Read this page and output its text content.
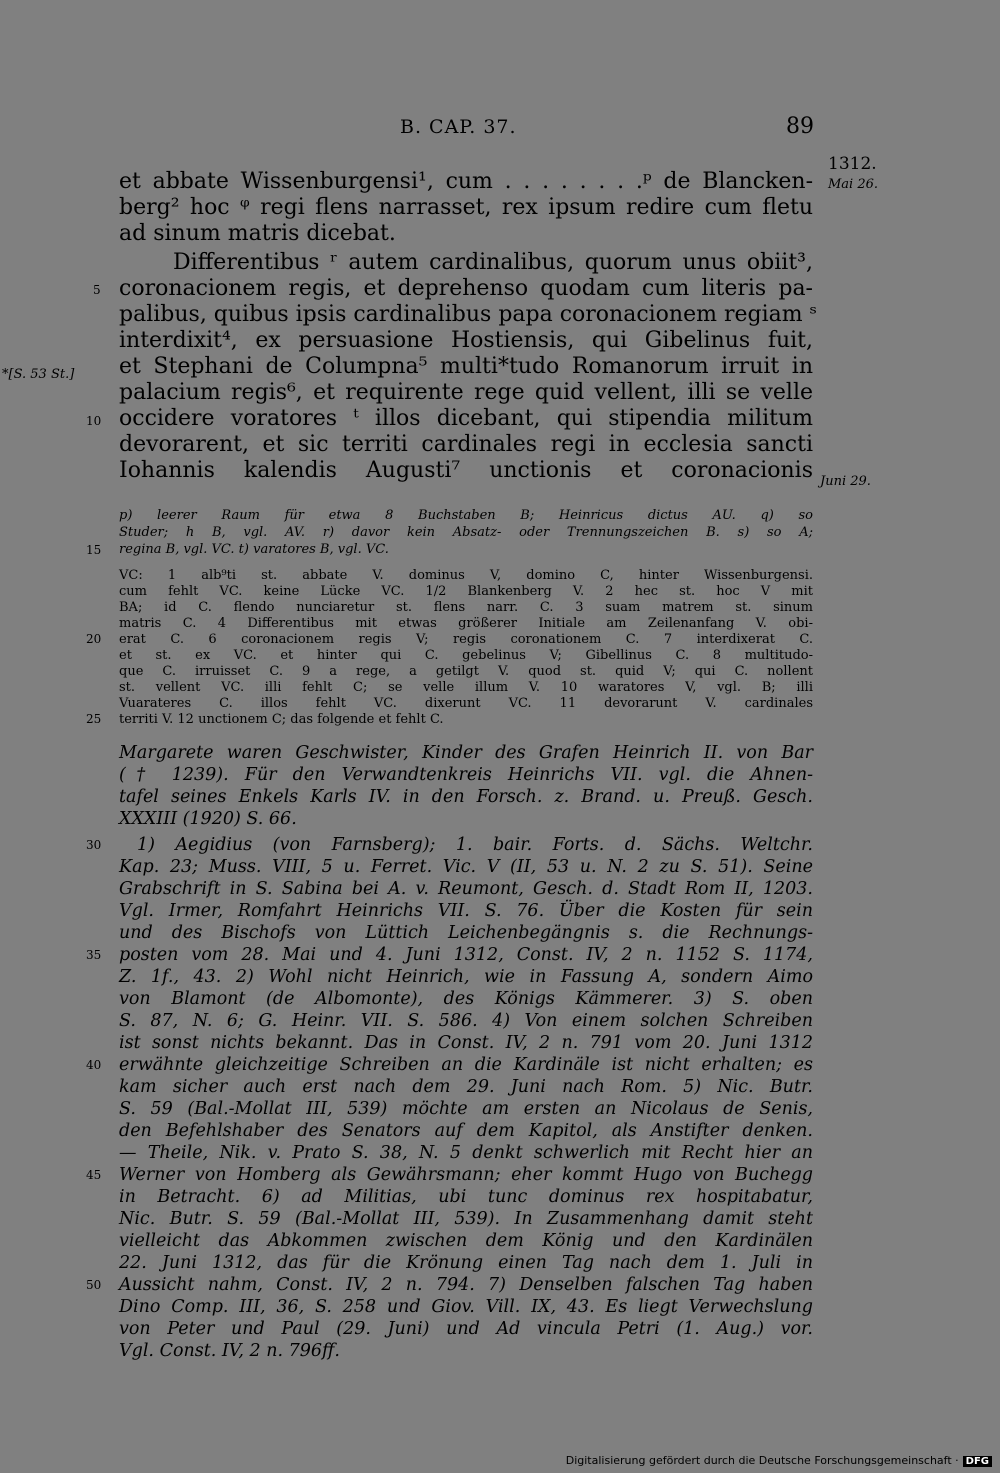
B. CAP. 37.	89
1312.
Mai 26.
Juni 29.
*[S. 53 St.]
et abbate Wissenburgensi¹, cum . . . . . . . .ᵖ de Blancken-
berg² hoc ᵠ regi flens narrasset, rex ipsum redire cum fletu
ad sinum matris dicebat.
Differentibus ʳ autem cardinalibus, quorum unus obiit³,
coronacionem regis, et deprehenso quodam cum literis pa-
palibus, quibus ipsis cardinalibus papa coronacionem regiam ˢ
interdixit⁴, ex persuasione Hostiensis, qui Gibelinus fuit,
et Stephani de Columpna⁵ multi*tudo Romanorum irruit in
palacium regis⁶, et requirente rege quid vellent, illi se velle
occidere voratores ᵗ illos dicebant, qui stipendia militum
devorarent, et sic territi cardinales regi in ecclesia sancti
Iohannis kalendis Augusti⁷ unctionis et coronacionis
p) leerer Raum für etwa 8 Buchstaben B; Heinricus dictus AU. q) so
Studer; h B, vgl. AV. r) davor kein Absatz- oder Trennungszeichen B. s) so A;
regina B, vgl. VC. t) varatores B, vgl. VC.
VC: 1 alb⁹ti st. abbate V. dominus V, domino C, hinter Wissenburgensi.
cum fehlt VC. keine Lücke VC. 1/2 Blankenberg V. 2 hec st. hoc V mit
BA; id C. flendo nunciaretur st. flens narr. C. 3 suam matrem st. sinum
matris C. 4 Differentibus mit etwas größerer Initiale am Zeilenanfang V. obi-
erat C. 6 coronacionem regis V; regis coronationem C. 7 interdixerat C.
et st. ex VC. et hinter qui C. gebelinus V; Gibellinus C. 8 multitudo-
que C. irruisset C. 9 a rege, a getilgt V. quod st. quid V; qui C. nollent
st. vellent VC. illi fehlt C; se velle illum V. 10 waratores V, vgl. B; illi
Vuarateres C. illos fehlt VC. dixerunt VC. 11 devorarunt V. cardinales
territi V. 12 unctionem C; das folgende et fehlt C.
Margarete waren Geschwister, Kinder des Grafen Heinrich II. von Bar
(† 1239). Für den Verwandtenkreis Heinrichs VII. vgl. die Ahnen-
tafel seines Enkels Karls IV. in den Forsch. z. Brand. u. Preuß. Gesch.
XXXIII (1920) S. 66.
1) Aegidius (von Farnsberg); 1. bair. Forts. d. Sächs. Weltchr.
Kap. 23; Muss. VIII, 5 u. Ferret. Vic. V (II, 53 u. N. 2 zu S. 51). Seine
Grabschrift in S. Sabina bei A. v. Reumont, Gesch. d. Stadt Rom II, 1203.
Vgl. Irmer, Romfahrt Heinrichs VII. S. 76. Über die Kosten für sein
und des Bischofs von Lüttich Leichenbegängnis s. die Rechnungs-
posten vom 28. Mai und 4. Juni 1312, Const. IV, 2 n. 1152 S. 1174,
Z. 1f., 43. 2) Wohl nicht Heinrich, wie in Fassung A, sondern Aimo
von Blamont (de Albomonte), des Königs Kämmerer. 3) S. oben
S. 87, N. 6; G. Heinr. VII. S. 586. 4) Von einem solchen Schreiben
ist sonst nichts bekannt. Das in Const. IV, 2 n. 791 vom 20. Juni 1312
erwähnte gleichzeitige Schreiben an die Kardinäle ist nicht erhalten; es
kam sicher auch erst nach dem 29. Juni nach Rom. 5) Nic. Butr.
S. 59 (Bal.-Mollat III, 539) möchte am ersten an Nicolaus de Senis,
den Befehlshaber des Senators auf dem Kapitol, als Anstifter denken.
— Theile, Nik. v. Prato S. 38, N. 5 denkt schwerlich mit Recht hier an
Werner von Homberg als Gewährsmann; eher kommt Hugo von Buchegg
in Betracht. 6) ad Militias, ubi tunc dominus rex hospitabatur,
Nic. Butr. S. 59 (Bal.-Mollat III, 539). In Zusammenhang damit steht
vielleicht das Abkommen zwischen dem König und den Kardinälen
22. Juni 1312, das für die Krönung einen Tag nach dem 1. Juli in
Aussicht nahm, Const. IV, 2 n. 794. 7) Denselben falschen Tag haben
Dino Comp. III, 36, S. 258 und Giov. Vill. IX, 43. Es liegt Verwechslung
von Peter und Paul (29. Juni) und Ad vincula Petri (1. Aug.) vor.
Vgl. Const. IV, 2 n. 796ff.
5
10
15
20
25
30
35
40
45
50
Digitalisierung gefördert durch die Deutsche Forschungsgemeinschaft · DFG
